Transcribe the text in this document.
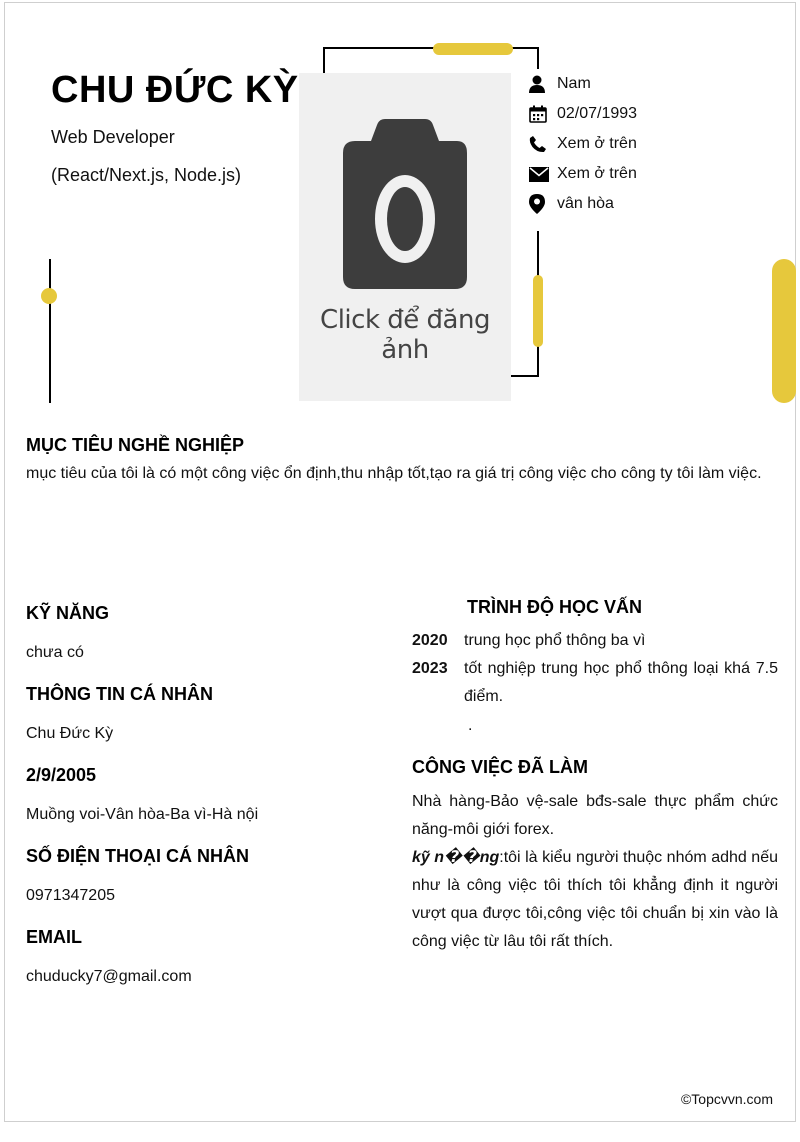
CHU ĐỨC KỲ
Web Developer
(React/Next.js, Node.js)
Click để đăng ảnh
Nam
02/07/1993
Xem ở trên
Xem ở trên
vân hòa
MỤC TIÊU NGHỀ NGHIỆP
mục tiêu của tôi là có một công việc ổn định,thu nhập tốt,tạo ra giá trị công việc cho công ty tôi làm việc.
KỸ NĂNG
chưa có
THÔNG TIN CÁ NHÂN
Chu Đức Kỳ
2/9/2005
Muồng voi-Vân hòa-Ba vì-Hà nội
SỐ ĐIỆN THOẠI CÁ NHÂN
0971347205
EMAIL
chuducky7@gmail.com
TRÌNH ĐỘ HỌC VẤN
2020	trung học phổ thông ba vì
2023	tốt nghiệp trung học phổ thông loại khá 7.5 điểm.
.
CÔNG VIỆC ĐÃ LÀM
Nhà hàng-Bảo vệ-sale bđs-sale thực phẩm chức năng-môi giới forex.
kỹ n��ng:tôi là kiểu người thuộc nhóm adhd nếu như là công việc tôi thích tôi khẳng định it người vượt qua được tôi,công việc tôi chuẩn bị xin vào là công việc từ lâu tôi rất thích.
©Topcvvn.com
